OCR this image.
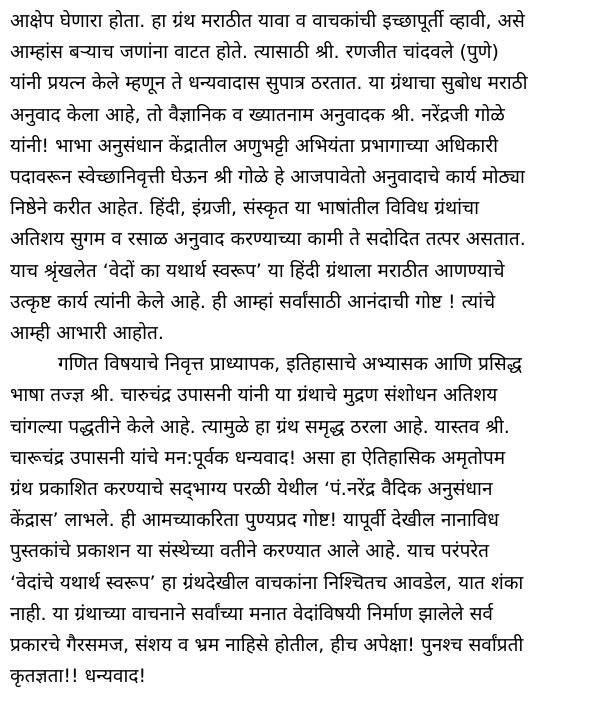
आक्षेप घेणारा होता. हा ग्रंथ मराठीत यावा व वाचकांची इच्छापूर्ती व्हावी, असे
आम्हांस बऱ्याच जणांना वाटत होते. त्यासाठी श्री. रणजीत चांदवले (पुणे)
यांनी प्रयत्न केले म्हणून ते धन्यवादास सुपात्र ठरतात. या ग्रंथाचा सुबोध मराठी
अनुवाद केला आहे, तो वैज्ञानिक व ख्यातनाम अनुवादक श्री. नरेंद्रजी गोळे
यांनी! भाभा अनुसंधान केंद्रातील अणुभट्टी अभियंता प्रभागाच्या अधिकारी
पदावरून स्वेच्छानिवृत्ती घेऊन श्री गोळे हे आजपावेतो अनुवादाचे कार्य मोठ्या
निष्ठेने करीत आहेत. हिंदी, इंग्रजी, संस्कृत या भाषांतील विविध ग्रंथांचा
अतिशय सुगम व रसाळ अनुवाद करण्याच्या कामी ते सदोदित तत्पर असतात.
याच श्रृंखलेत ‘वेदों का यथार्थ स्वरूप’ या हिंदी ग्रंथाला मराठीत आणण्याचे
उत्कृष्ट कार्य त्यांनी केले आहे. ही आम्हां सर्वांसाठी आनंदाची गोष्ट ! त्यांचे
आम्ही आभारी आहोत.

गणित विषयाचे निवृत्त प्राध्यापक, इतिहासाचे अभ्यासक आणि प्रसिद्ध
भाषा तज्ज्ञ श्री. चारुचंद्र उपासनी यांनी या ग्रंथाचे मुद्रण संशोधन अतिशय
चांगल्या पद्धतीने केले आहे. त्यामुळे हा ग्रंथ समृद्ध ठरला आहे. यास्तव श्री.
चारूचंद्र उपासनी यांचे मन:पूर्वक धन्यवाद! असा हा ऐतिहासिक अमृतोपम
ग्रंथ प्रकाशित करण्याचे सद्‌भाग्य परळी येथील ‘पं.नरेंद्र वैदिक अनुसंधान
केंद्रास’ लाभले. ही आमच्याकरिता पुण्यप्रद गोष्ट! यापूर्वी देखील नानाविध
पुस्तकांचे प्रकाशन या संस्थेच्या वतीने करण्यात आले आहे. याच परंपरेत
‘वेदांचे यथार्थ स्वरूप’ हा ग्रंथदेखील वाचकांना निश्चितच आवडेल, यात शंका
नाही. या ग्रंथाच्या वाचनाने सर्वांच्या मनात वेदांविषयी निर्माण झालेले सर्व
प्रकारचे गैरसमज, संशय व भ्रम नाहिसे होतील, हीच अपेक्षा! पुनश्च सर्वांप्रती
कृतज्ञता!! धन्यवाद!
